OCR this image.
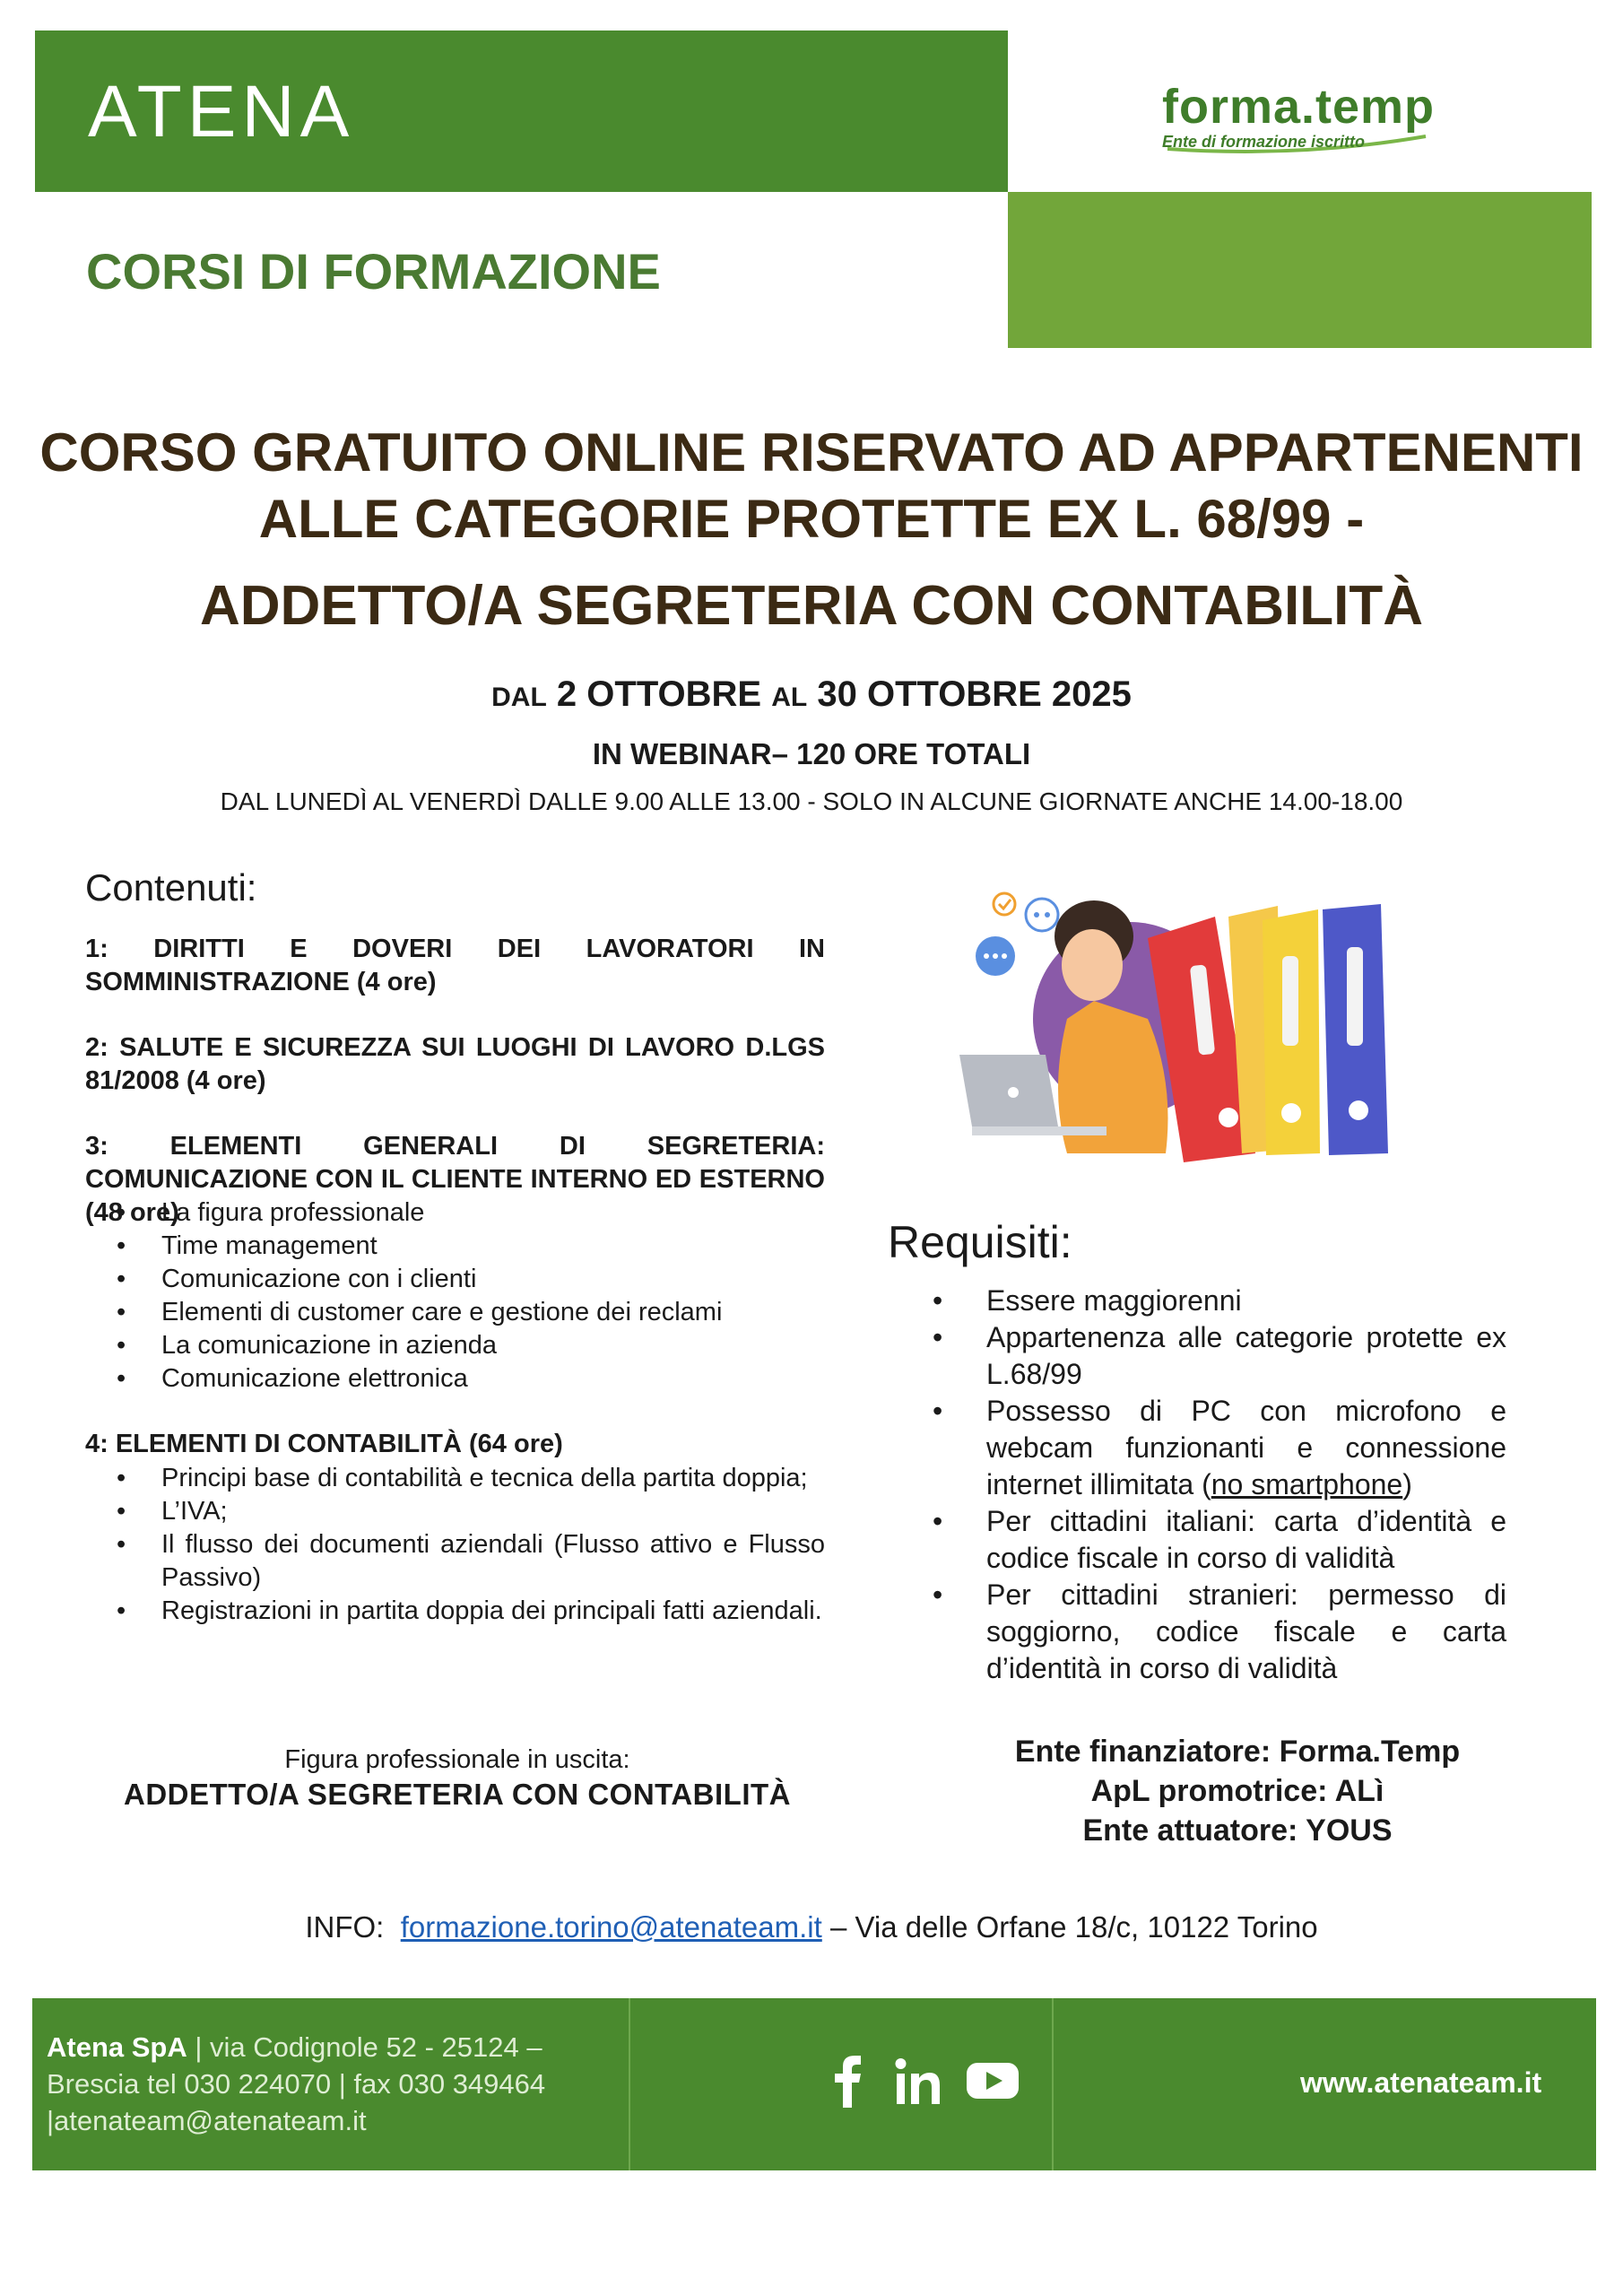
ATENA	forma.temp
Ente di formazione iscritto
CORSI DI FORMAZIONE
CORSO GRATUITO ONLINE RISERVATO AD APPARTENENTI
ALLE CATEGORIE PROTETTE EX L. 68/99 -
ADDETTO/A SEGRETERIA CON CONTABILITÀ
DAL 2 OTTOBRE AL 30 OTTOBRE 2025
IN WEBINAR– 120 ORE TOTALI
DAL LUNEDÌ AL VENERDÌ DALLE 9.00 ALLE 13.00 - SOLO IN ALCUNE GIORNATE ANCHE 14.00-18.00
Contenuti:
1: DIRITTI E DOVERI DEI LAVORATORI IN SOMMINISTRAZIONE (4 ore)
2: SALUTE E SICUREZZA SUI LUOGHI DI LAVORO D.LGS 81/2008 (4 ore)
3: ELEMENTI GENERALI DI SEGRETERIA: COMUNICAZIONE CON IL CLIENTE INTERNO ED ESTERNO (48 ore)
• La figura professionale
• Time management
• Comunicazione con i clienti
• Elementi di customer care e gestione dei reclami
• La comunicazione in azienda
• Comunicazione elettronica
4: ELEMENTI DI CONTABILITÀ (64 ore)
• Principi base di contabilità e tecnica della partita doppia;
• L’IVA;
• Il flusso dei documenti aziendali (Flusso attivo e Flusso Passivo)
• Registrazioni in partita doppia dei principali fatti aziendali.
Figura professionale in uscita:
ADDETTO/A SEGRETERIA CON CONTABILITÀ
Requisiti:
• Essere maggiorenni
• Appartenenza alle categorie protette ex L.68/99
• Possesso di PC con microfono e webcam funzionanti e connessione internet illimitata (no smartphone)
• Per cittadini italiani: carta d’identità e codice fiscale in corso di validità
• Per cittadini stranieri: permesso di soggiorno, codice fiscale e carta d’identità in corso di validità
Ente finanziatore: Forma.Temp
ApL promotrice: ALì
Ente attuatore: YOUS
INFO: formazione.torino@atenateam.it – Via delle Orfane 18/c, 10122 Torino
Atena SpA | via Codignole 52 - 25124 – Brescia tel 030 224070 | fax 030 349464 |atenateam@atenateam.it
www.atenateam.it
